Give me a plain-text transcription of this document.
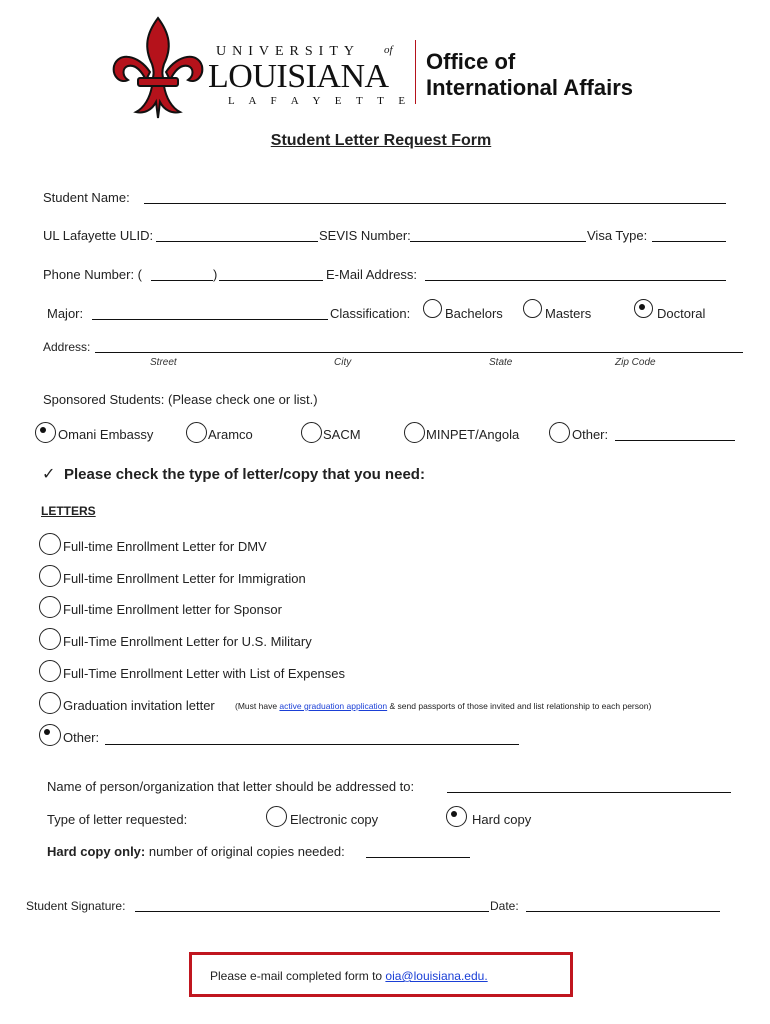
UNIVERSITY of
LOUISIANA
L A F A Y E T T E
Office of
International Affairs
Student Letter Request Form
Student Name:
UL Lafayette ULID:	SEVIS Number:	Visa Type:
Phone Number: (	)	E-Mail Address:
Major:	Classification:	Bachelors	Masters	Doctoral
Address:
Street	City	State	Zip Code
Sponsored Students: (Please check one or list.)
Omani Embassy	Aramco	SACM	MINPET/Angola	Other:
✓ Please check the type of letter/copy that you need:
LETTERS
Full-time Enrollment Letter for DMV
Full-time Enrollment Letter for Immigration
Full-time Enrollment letter for Sponsor
Full-Time Enrollment Letter for U.S. Military
Full-Time Enrollment Letter with List of Expenses
Graduation invitation letter (Must have active graduation application & send passports of those invited and list relationship to each person)
Other:
Name of person/organization that letter should be addressed to:
Type of letter requested:	Electronic copy	Hard copy
Hard copy only: number of original copies needed:
Student Signature:	Date:
Please e-mail completed form to oia@louisiana.edu.
